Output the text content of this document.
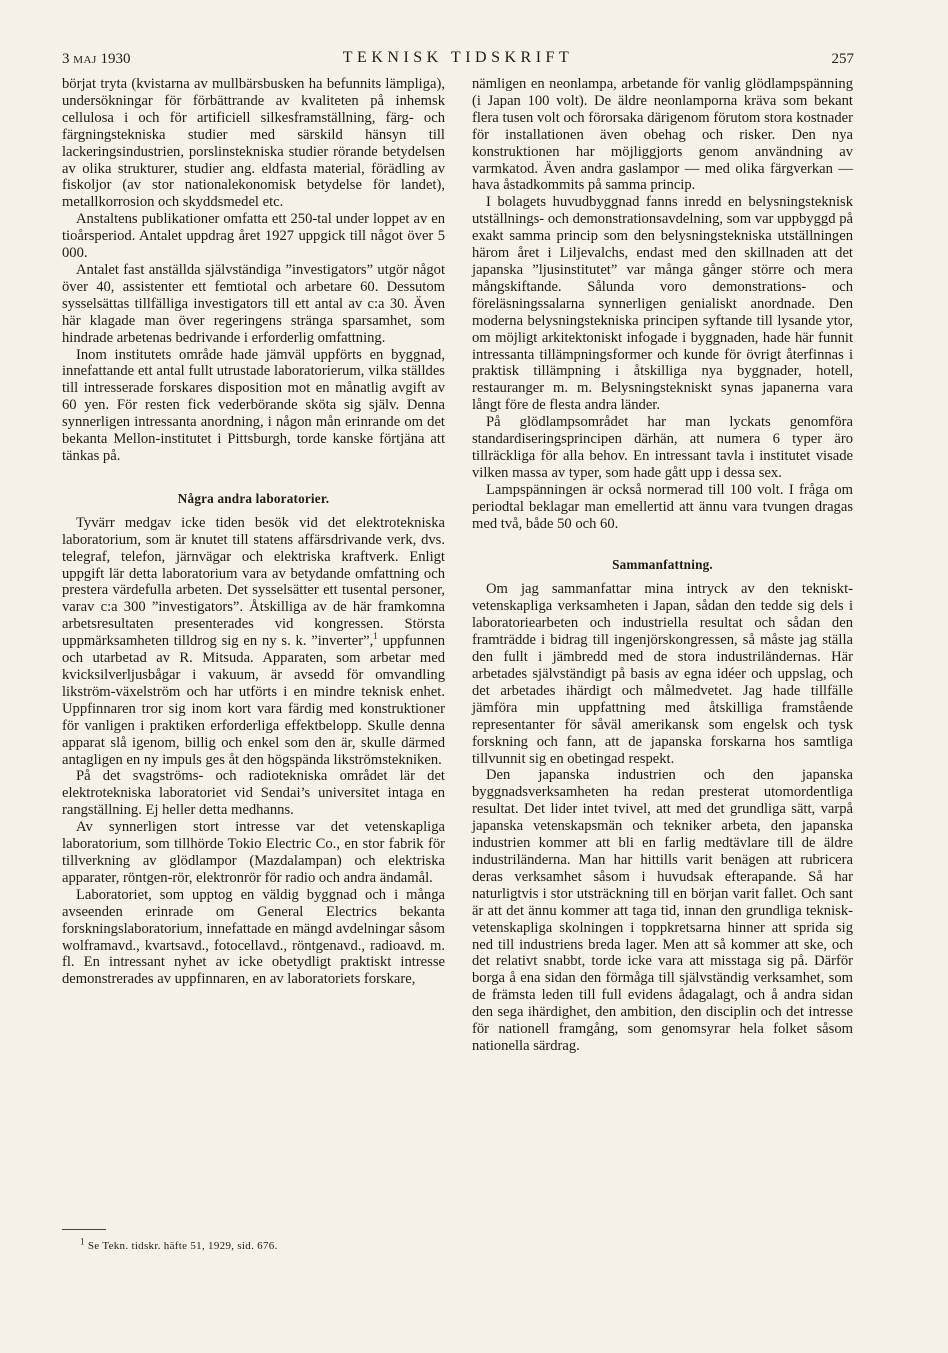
3 MAJ 1930	TEKNISK TIDSKRIFT	257

börjat tryta (kvistarna av mullbärsbusken ha befunnits lämpliga), undersökningar för förbättrande av kvaliteten på inhemsk cellulosa i och för artificiell silkesframställning, färg- och färgningstekniska studier med särskild hänsyn till lackeringsindustrien, porslinstekniska studier rörande betydelsen av olika strukturer, studier ang. eldfasta material, förädling av fiskoljor (av stor nationalekonomisk betydelse för landet), metallkorrosion och skyddsmedel etc.

Anstaltens publikationer omfatta ett 250-tal under loppet av en tioårsperiod. Antalet uppdrag året 1927 uppgick till något över 5 000.

Antalet fast anställda självständiga ”investigators” utgör något över 40, assistenter ett femtiotal och arbetare 60. Dessutom sysselsättas tillfälliga investigators till ett antal av c:a 30. Även här klagade man över regeringens stränga sparsamhet, som hindrade arbetenas bedrivande i erforderlig omfattning.

Inom institutets område hade jämväl uppförts en byggnad, innefattande ett antal fullt utrustade laboratorierum, vilka ställdes till intresserade forskares disposition mot en månatlig avgift av 60 yen. För resten fick vederbörande sköta sig själv. Denna synnerligen intressanta anordning, i någon mån erinrande om det bekanta Mellon-institutet i Pittsburgh, torde kanske förtjäna att tänkas på.

Några andra laboratorier.

Tyvärr medgav icke tiden besök vid det elektrotekniska laboratorium, som är knutet till statens affärsdrivande verk, dvs. telegraf, telefon, järnvägar och elektriska kraftverk. Enligt uppgift lär detta laboratorium vara av betydande omfattning och prestera värdefulla arbeten. Det sysselsätter ett tusental personer, varav c:a 300 ”investigators”. Åtskilliga av de här framkomna arbetsresultaten presenterades vid kongressen. Största uppmärksamheten tilldrog sig en ny s. k. ”inverter”,$^1$ uppfunnen och utarbetad av R. Mitsuda. Apparaten, som arbetar med kvicksilverljusbågar i vakuum, är avsedd för omvandling likström-växelström och har utförts i en mindre teknisk enhet. Uppfinnaren tror sig inom kort vara färdig med konstruktioner för vanligen i praktiken erforderliga effektbelopp. Skulle denna apparat slå igenom, billig och enkel som den är, skulle därmed antagligen en ny impuls ges åt den högspända likströmstekniken.

På det svagströms- och radiotekniska området lär det elektrotekniska laboratoriet vid Sendai’s universitet intaga en rangställning. Ej heller detta medhanns.

Av synnerligen stort intresse var det vetenskapliga laboratorium, som tillhörde Tokio Electric Co., en stor fabrik för tillverkning av glödlampor (Mazdalampan) och elektriska apparater, röntgen-rör, elektronrör för radio och andra ändamål.

Laboratoriet, som upptog en väldig byggnad och i många avseenden erinrade om General Electrics bekanta forskningslaboratorium, innefattade en mängd avdelningar såsom wolframavd., kvartsavd., fotocellavd., röntgenavd., radioavd. m. fl. En intressant nyhet av icke obetydligt praktiskt intresse demonstrerades av uppfinnaren, en av laboratoriets forskare,

nämligen en neonlampa, arbetande för vanlig glödlampspänning (i Japan 100 volt). De äldre neonlamporna kräva som bekant flera tusen volt och förorsaka därigenom förutom stora kostnader för installationen även obehag och risker. Den nya konstruktionen har möjliggjorts genom användning av varmkatod. Även andra gaslampor — med olika färgverkan — hava åstadkommits på samma princip.

I bolagets huvudbyggnad fanns inredd en belysningsteknisk utställnings- och demonstrationsavdelning, som var uppbyggd på exakt samma princip som den belysningstekniska utställningen härom året i Liljevalchs, endast med den skillnaden att det japanska ”ljusinstitutet” var många gånger större och mera mångskiftande. Sålunda voro demonstrations- och föreläsningssalarna synnerligen genialiskt anordnade. Den moderna belysningstekniska principen syftande till lysande ytor, om möjligt arkitektoniskt infogade i byggnaden, hade här funnit intressanta tillämpningsformer och kunde för övrigt återfinnas i praktisk tillämpning i åtskilliga nya byggnader, hotell, restauranger m. m. Belysningstekniskt synas japanerna vara långt före de flesta andra länder.

På glödlampsområdet har man lyckats genomföra standardiseringsprincipen därhän, att numera 6 typer äro tillräckliga för alla behov. En intressant tavla i institutet visade vilken massa av typer, som hade gått upp i dessa sex.

Lampspänningen är också normerad till 100 volt. I fråga om periodtal beklagar man emellertid att ännu vara tvungen dragas med två, både 50 och 60.

Sammanfattning.

Om jag sammanfattar mina intryck av den tekniskt-vetenskapliga verksamheten i Japan, sådan den tedde sig dels i laboratoriearbeten och industriella resultat och sådan den framträdde i bidrag till ingenjörskongressen, så måste jag ställa den fullt i jämbredd med de stora industriländernas. Här arbetades självständigt på basis av egna idéer och uppslag, och det arbetades ihärdigt och målmedvetet. Jag hade tillfälle jämföra min uppfattning med åtskilliga framstående representanter för såväl amerikansk som engelsk och tysk forskning och fann, att de japanska forskarna hos samtliga tillvunnit sig en obetingad respekt.

Den japanska industrien och den japanska byggnadsverksamheten ha redan presterat utomordentliga resultat. Det lider intet tvivel, att med det grundliga sätt, varpå japanska vetenskapsmän och tekniker arbeta, den japanska industrien kommer att bli en farlig medtävlare till de äldre industriländerna. Man har hittills varit benägen att rubricera deras verksamhet såsom i huvudsak efterapande. Så har naturligtvis i stor utsträckning till en början varit fallet. Och sant är att det ännu kommer att taga tid, innan den grundliga teknisk-vetenskapliga skolningen i toppkretsarna hinner att sprida sig ned till industriens breda lager. Men att så kommer att ske, och det relativt snabbt, torde icke vara att misstaga sig på. Därför borga å ena sidan den förmåga till självständig verksamhet, som de främsta leden till full evidens ådagalagt, och å andra sidan den sega ihärdighet, den ambition, den disciplin och det intresse för nationell framgång, som genomsyrar hela folket såsom nationella särdrag.

$^1$ Se Tekn. tidskr. häfte 51, 1929, sid. 676.
